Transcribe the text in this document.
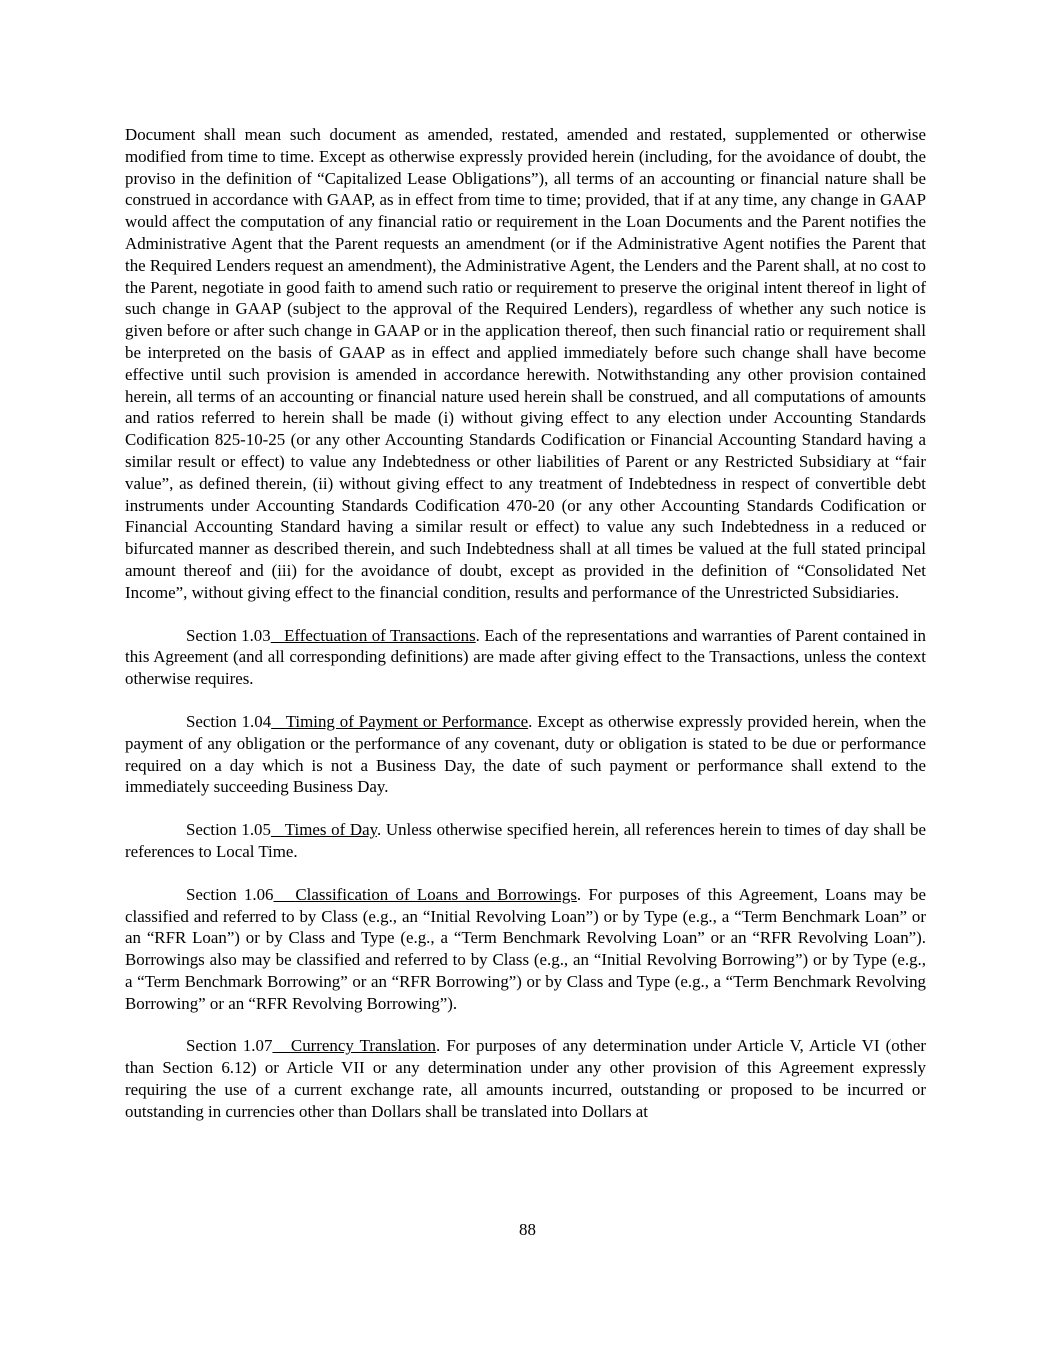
Document shall mean such document as amended, restated, amended and restated, supplemented or otherwise modified from time to time. Except as otherwise expressly provided herein (including, for the avoidance of doubt, the proviso in the definition of “Capitalized Lease Obligations”), all terms of an accounting or financial nature shall be construed in accordance with GAAP, as in effect from time to time; provided, that if at any time, any change in GAAP would affect the computation of any financial ratio or requirement in the Loan Documents and the Parent notifies the Administrative Agent that the Parent requests an amendment (or if the Administrative Agent notifies the Parent that the Required Lenders request an amendment), the Administrative Agent, the Lenders and the Parent shall, at no cost to the Parent, negotiate in good faith to amend such ratio or requirement to preserve the original intent thereof in light of such change in GAAP (subject to the approval of the Required Lenders), regardless of whether any such notice is given before or after such change in GAAP or in the application thereof, then such financial ratio or requirement shall be interpreted on the basis of GAAP as in effect and applied immediately before such change shall have become effective until such provision is amended in accordance herewith. Notwithstanding any other provision contained herein, all terms of an accounting or financial nature used herein shall be construed, and all computations of amounts and ratios referred to herein shall be made (i) without giving effect to any election under Accounting Standards Codification 825-10-25 (or any other Accounting Standards Codification or Financial Accounting Standard having a similar result or effect) to value any Indebtedness or other liabilities of Parent or any Restricted Subsidiary at “fair value”, as defined therein, (ii) without giving effect to any treatment of Indebtedness in respect of convertible debt instruments under Accounting Standards Codification 470-20 (or any other Accounting Standards Codification or Financial Accounting Standard having a similar result or effect) to value any such Indebtedness in a reduced or bifurcated manner as described therein, and such Indebtedness shall at all times be valued at the full stated principal amount thereof and (iii) for the avoidance of doubt, except as provided in the definition of “Consolidated Net Income”, without giving effect to the financial condition, results and performance of the Unrestricted Subsidiaries.

Section 1.03 Effectuation of Transactions. Each of the representations and warranties of Parent contained in this Agreement (and all corresponding definitions) are made after giving effect to the Transactions, unless the context otherwise requires.

Section 1.04 Timing of Payment or Performance. Except as otherwise expressly provided herein, when the payment of any obligation or the performance of any covenant, duty or obligation is stated to be due or performance required on a day which is not a Business Day, the date of such payment or performance shall extend to the immediately succeeding Business Day.

Section 1.05 Times of Day. Unless otherwise specified herein, all references herein to times of day shall be references to Local Time.

Section 1.06 Classification of Loans and Borrowings. For purposes of this Agreement, Loans may be classified and referred to by Class (e.g., an “Initial Revolving Loan”) or by Type (e.g., a “Term Benchmark Loan” or an “RFR Loan”) or by Class and Type (e.g., a “Term Benchmark Revolving Loan” or an “RFR Revolving Loan”). Borrowings also may be classified and referred to by Class (e.g., an “Initial Revolving Borrowing”) or by Type (e.g., a “Term Benchmark Borrowing” or an “RFR Borrowing”) or by Class and Type (e.g., a “Term Benchmark Revolving Borrowing” or an “RFR Revolving Borrowing”).

Section 1.07 Currency Translation. For purposes of any determination under Article V, Article VI (other than Section 6.12) or Article VII or any determination under any other provision of this Agreement expressly requiring the use of a current exchange rate, all amounts incurred, outstanding or proposed to be incurred or outstanding in currencies other than Dollars shall be translated into Dollars at

88
